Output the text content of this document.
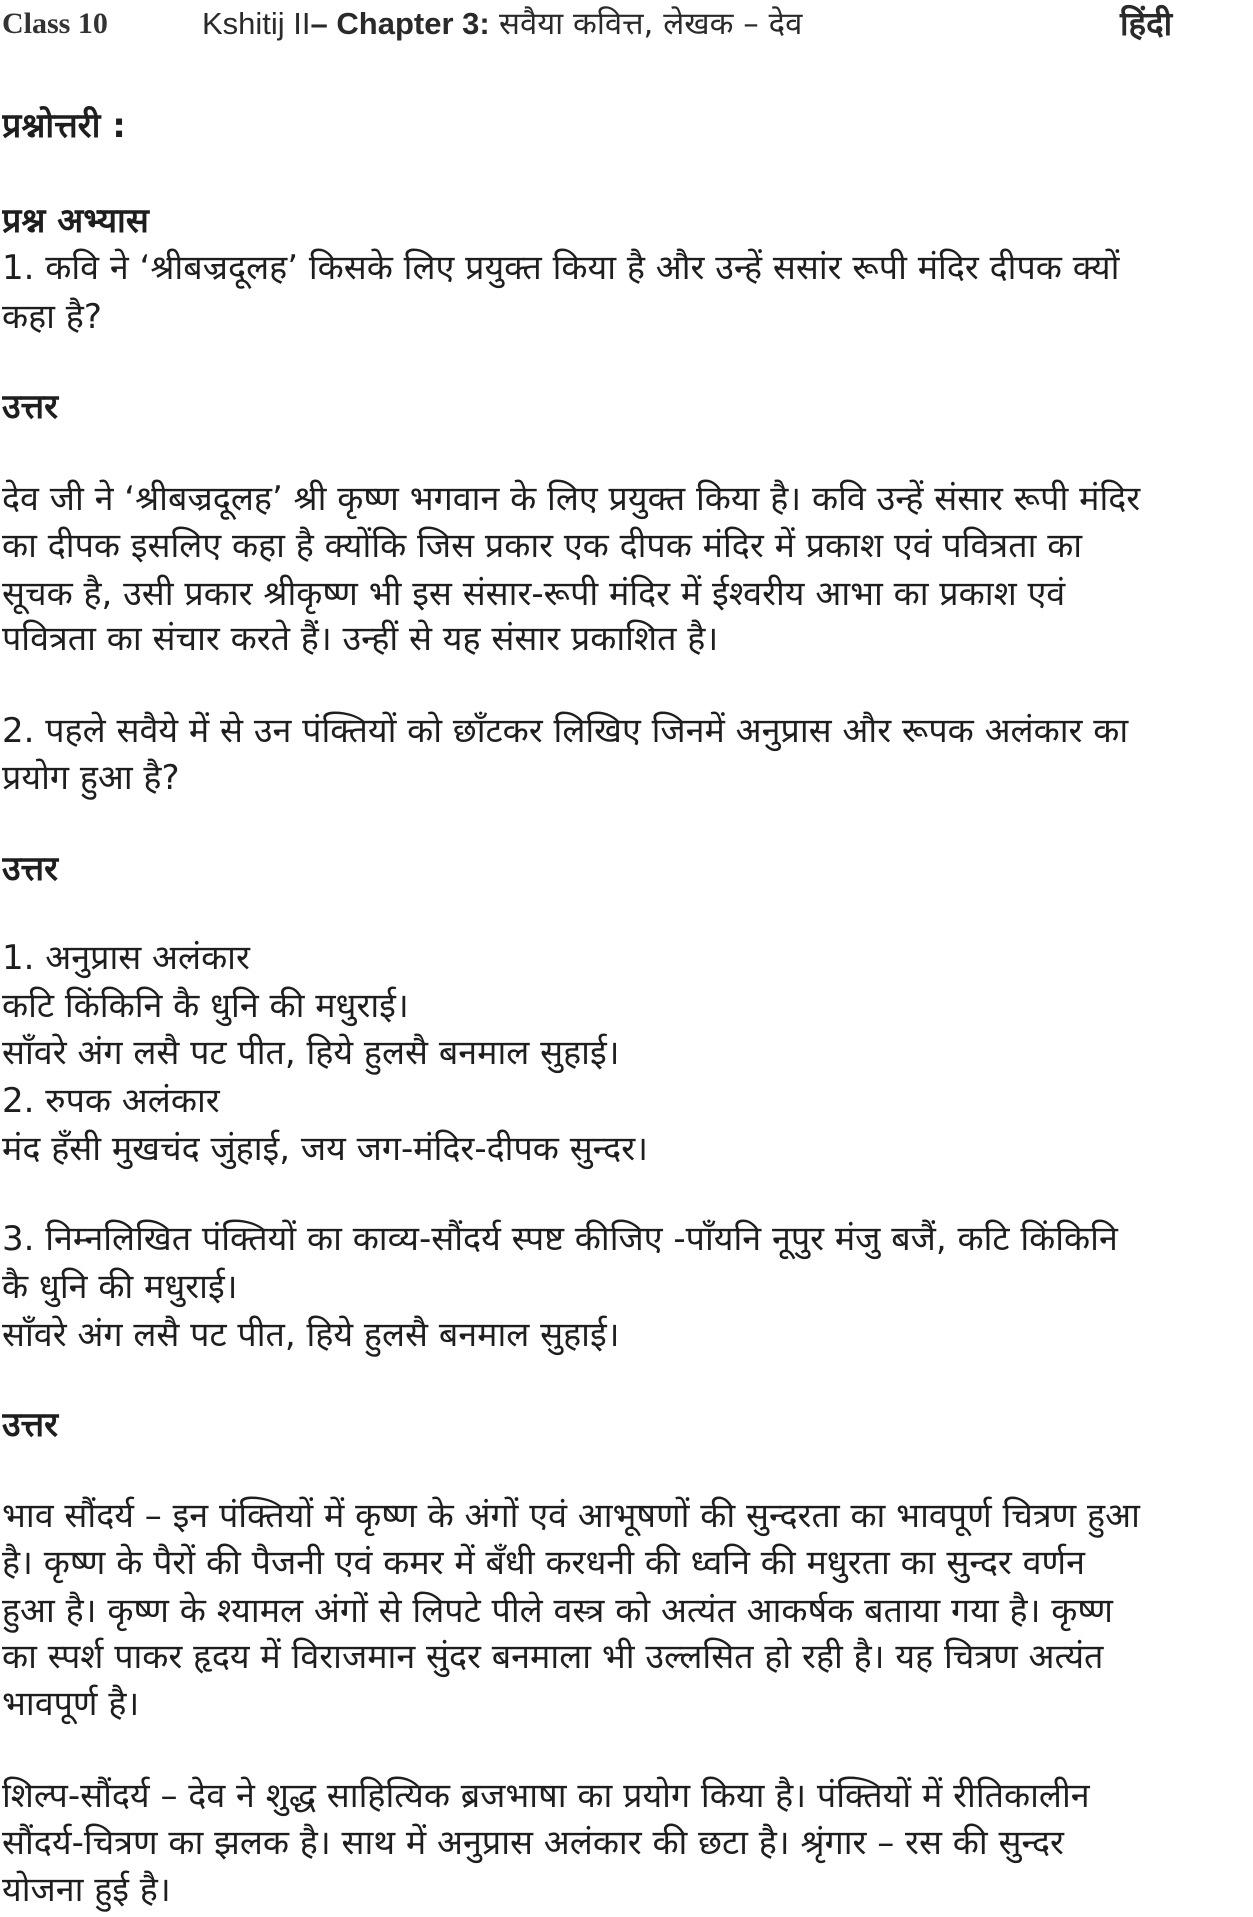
Class 10	Kshitij II– Chapter 3: सवैया कवित्त, लेखक – देव	हिंदी
प्रश्नोत्तरी :
प्रश्न अभ्यास
1. कवि ने ‘श्रीबज्रदूलह’ किसके लिए प्रयुक्त किया है और उन्हें ससांर रूपी मंदिर दीपक क्यों
कहा है?
उत्तर
देव जी ने ‘श्रीबज्रदूलह’ श्री कृष्ण भगवान के लिए प्रयुक्त किया है। कवि उन्हें संसार रूपी मंदिर
का दीपक इसलिए कहा है क्योंकि जिस प्रकार एक दीपक मंदिर में प्रकाश एवं पवित्रता का
सूचक है, उसी प्रकार श्रीकृष्ण भी इस संसार-रूपी मंदिर में ईश्वरीय आभा का प्रकाश एवं
पवित्रता का संचार करते हैं। उन्हीं से यह संसार प्रकाशित है।
2. पहले सवैये में से उन पंक्तियों को छाँटकर लिखिए जिनमें अनुप्रास और रूपक अलंकार का
प्रयोग हुआ है?
उत्तर
1. अनुप्रास अलंकार
कटि किंकिनि कै धुनि की मधुराई।
साँवरे अंग लसै पट पीत, हिये हुलसै बनमाल सुहाई।
2. रुपक अलंकार
मंद हँसी मुखचंद जुंहाई, जय जग-मंदिर-दीपक सुन्दर।
3. निम्नलिखित पंक्तियों का काव्य-सौंदर्य स्पष्ट कीजिए -पाँयनि नूपुर मंजु बजैं, कटि किंकिनि
कै धुनि की मधुराई।
साँवरे अंग लसै पट पीत, हिये हुलसै बनमाल सुहाई।
उत्तर
भाव सौंदर्य – इन पंक्तियों में कृष्ण के अंगों एवं आभूषणों की सुन्दरता का भावपूर्ण चित्रण हुआ
है। कृष्ण के पैरों की पैजनी एवं कमर में बँधी करधनी की ध्वनि की मधुरता का सुन्दर वर्णन
हुआ है। कृष्ण के श्यामल अंगों से लिपटे पीले वस्त्र को अत्यंत आकर्षक बताया गया है। कृष्ण
का स्पर्श पाकर हृदय में विराजमान सुंदर बनमाला भी उल्लसित हो रही है। यह चित्रण अत्यंत
भावपूर्ण है।
शिल्प-सौंदर्य – देव ने शुद्ध साहित्यिक ब्रजभाषा का प्रयोग किया है। पंक्तियों में रीतिकालीन
सौंदर्य-चित्रण का झलक है। साथ में अनुप्रास अलंकार की छटा है। श्रृंगार – रस की सुन्दर
योजना हुई है।
